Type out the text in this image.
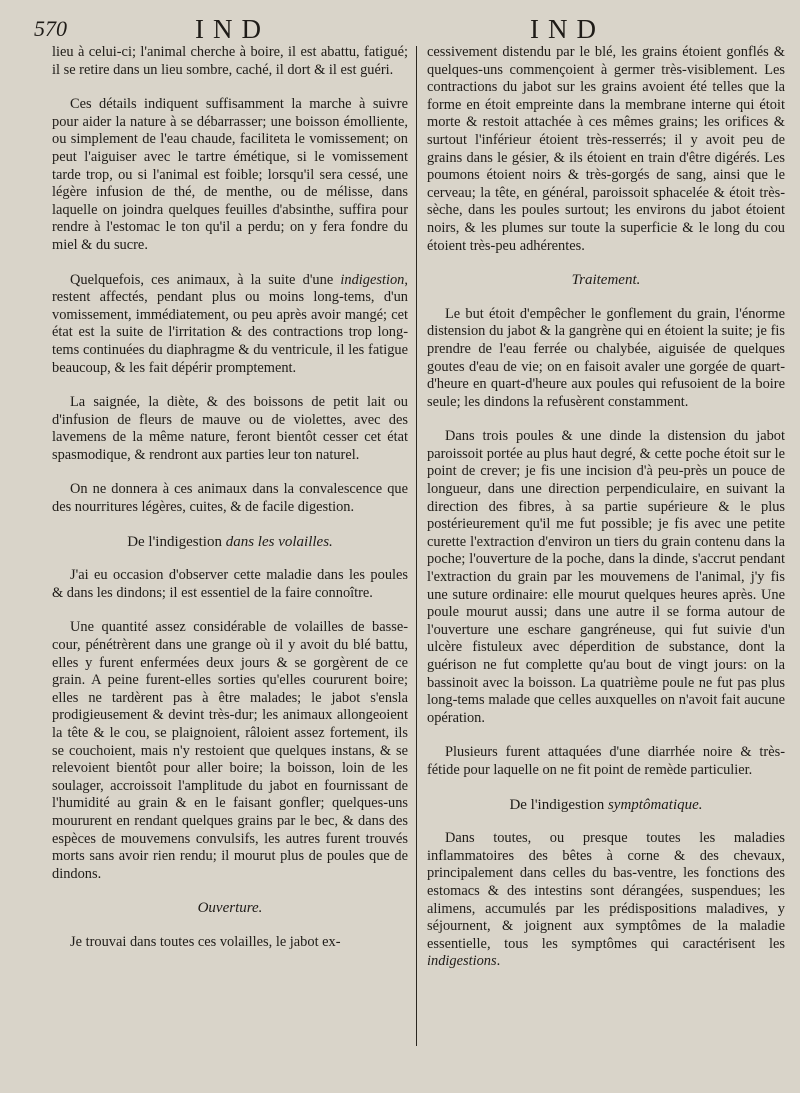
570	IND	IND

lieu à celui-ci; l'animal cherche à boire, il est abattu, fatigué; il se retire dans un lieu sombre, caché, il dort & il est guéri.

Ces détails indiquent suffisamment la marche à suivre pour aider la nature à se débarrasser; une boisson émolliente, ou simplement de l'eau chaude, faciliteta le vomissement; on peut l'aiguiser avec le tartre émétique, si le vomissement tarde trop, ou si l'animal est foible; lorsqu'il sera cessé, une légère infusion de thé, de menthe, ou de mélisse, dans laquelle on joindra quelques feuilles d'absinthe, suffira pour rendre à l'estomac le ton qu'il a perdu; on y fera fondre du miel & du sucre.

Quelquefois, ces animaux, à la suite d'une indigestion, restent affectés, pendant plus ou moins long-tems, d'un vomissement, immédiatement, ou peu après avoir mangé; cet état est la suite de l'irritation & des contractions trop long-tems continuées du diaphragme & du ventricule, il les fatigue beaucoup, & les fait dépérir promptement.

La saignée, la diète, & des boissons de petit lait ou d'infusion de fleurs de mauve ou de violettes, avec des lavemens de la même nature, feront bientôt cesser cet état spasmodique, & rendront aux parties leur ton naturel.

On ne donnera à ces animaux dans la convalescence que des nourritures légères, cuites, & de facile digestion.

De l'indigestion dans les volailles.

J'ai eu occasion d'observer cette maladie dans les poules & dans les dindons; il est essentiel de la faire connoître.

Une quantité assez considérable de volailles de basse-cour, pénétrèrent dans une grange où il y avoit du blé battu, elles y furent enfermées deux jours & se gorgèrent de ce grain. A peine furent-elles sorties qu'elles coururent boire; elles ne tardèrent pas à être malades; le jabot s'ensla prodigieusement & devint très-dur; les animaux allongeoient la tête & le cou, se plaignoient, râloient assez fortement, ils se couchoient, mais n'y restoient que quelques instans, & se relevoient bientôt pour aller boire; la boisson, loin de les soulager, accroissoit l'amplitude du jabot en fournissant de l'humidité au grain & en le faisant gonfler; quelques-uns moururent en rendant quelques grains par le bec, & dans des espèces de mouvemens convulsifs, les autres furent trouvés morts sans avoir rien rendu; il mourut plus de poules que de dindons.

Ouverture.

Je trouvai dans toutes ces volailles, le jabot ex-

cessivement distendu par le blé, les grains étoient gonflés & quelques-uns commençoient à germer très-visiblement. Les contractions du jabot sur les grains avoient été telles que la forme en étoit empreinte dans la membrane interne qui étoit morte & restoit attachée à ces mêmes grains; les orifices & surtout l'inférieur étoient très-resserrés; il y avoit peu de grains dans le gésier, & ils étoient en train d'être digérés. Les poumons étoient noirs & très-gorgés de sang, ainsi que le cerveau; la tête, en général, paroissoit sphacelée & étoit très-sèche, dans les poules surtout; les environs du jabot étoient noirs, & les plumes sur toute la superficie & le long du cou étoient très-peu adhérentes.

Traitement.

Le but étoit d'empêcher le gonflement du grain, l'énorme distension du jabot & la gangrène qui en étoient la suite; je fis prendre de l'eau ferrée ou chalybée, aiguisée de quelques goutes d'eau de vie; on en faisoit avaler une gorgée de quart-d'heure en quart-d'heure aux poules qui refusoient de la boire seule; les dindons la refusèrent constamment.

Dans trois poules & une dinde la distension du jabot paroissoit portée au plus haut degré, & cette poche étoit sur le point de crever; je fis une incision d'à peu-près un pouce de longueur, dans une direction perpendiculaire, en suivant la direction des fibres, à sa partie supérieure & le plus postérieurement qu'il me fut possible; je fis avec une petite curette l'extraction d'environ un tiers du grain contenu dans la poche; l'ouverture de la poche, dans la dinde, s'accrut pendant l'extraction du grain par les mouvemens de l'animal, j'y fis une suture ordinaire: elle mourut quelques heures après. Une poule mourut aussi; dans une autre il se forma autour de l'ouverture une eschare gangréneuse, qui fut suivie d'un ulcère fistuleux avec déperdition de substance, dont la guérison ne fut complette qu'au bout de vingt jours: on la bassinoit avec la boisson. La quatrième poule ne fut pas plus long-tems malade que celles auxquelles on n'avoit fait aucune opération.

Plusieurs furent attaquées d'une diarrhée noire & très-fétide pour laquelle on ne fit point de remède particulier.

De l'indigestion symptômatique.

Dans toutes, ou presque toutes les maladies inflammatoires des bêtes à corne & des chevaux, principalement dans celles du bas-ventre, les fonctions des estomacs & des intestins sont dérangées, suspendues; les alimens, accumulés par les prédispositions maladives, y séjournent, & joignent aux symptômes de la maladie essentielle, tous les symptômes qui caractérisent les indigestions.
